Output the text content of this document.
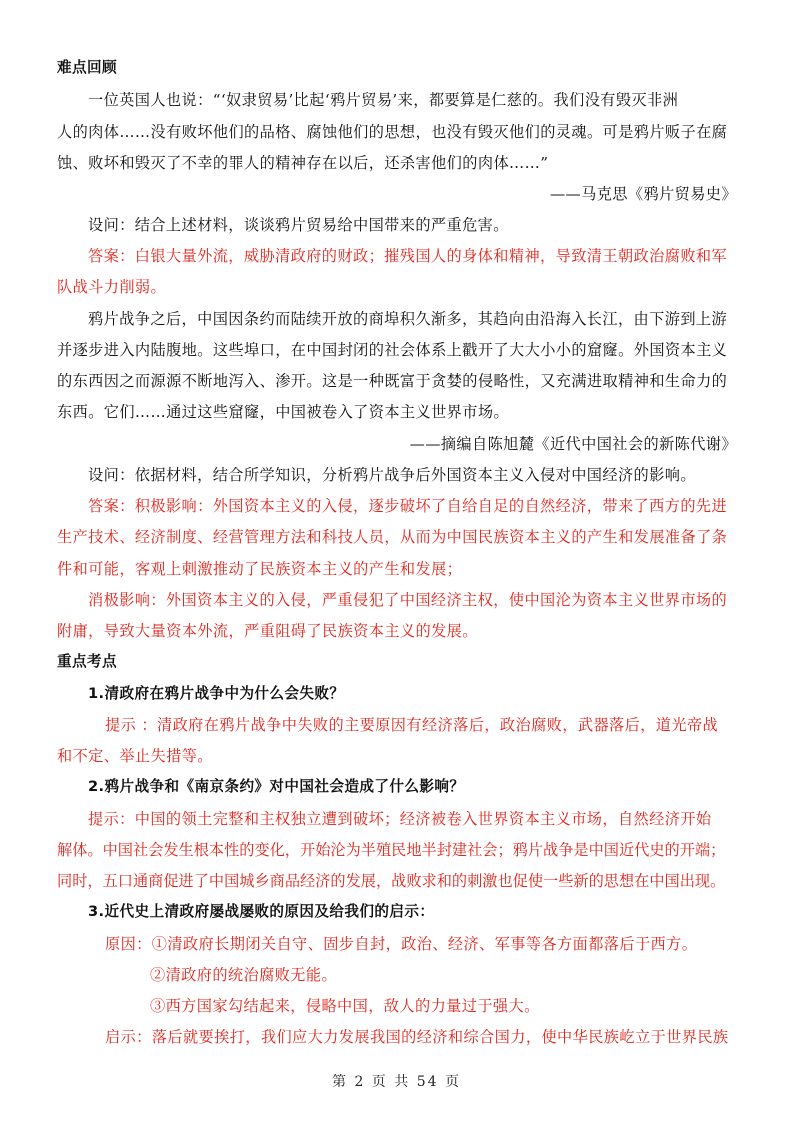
难点回顾
一位英国人也说：“‘奴隶贸易’比起‘鸦片贸易’来，都要算是仁慈的。我们没有毁灭非洲
人的肉体……没有败坏他们的品格、腐蚀他们的思想，也没有毁灭他们的灵魂。可是鸦片贩子在腐
蚀、败坏和毁灭了不幸的罪人的精神存在以后，还杀害他们的肉体……”
——马克思《鸦片贸易史》
设问：结合上述材料，谈谈鸦片贸易给中国带来的严重危害。
答案：白银大量外流，威胁清政府的财政；摧残国人的身体和精神，导致清王朝政治腐败和军
队战斗力削弱。
鸦片战争之后，中国因条约而陆续开放的商埠积久渐多，其趋向由沿海入长江，由下游到上游
并逐步进入内陆腹地。这些埠口，在中国封闭的社会体系上戳开了大大小小的窟窿。外国资本主义
的东西因之而源源不断地泻入、渗开。这是一种既富于贪婪的侵略性，又充满进取精神和生命力的
东西。它们……通过这些窟窿，中国被卷入了资本主义世界市场。
——摘编自陈旭麓《近代中国社会的新陈代谢》
设问：依据材料，结合所学知识，分析鸦片战争后外国资本主义入侵对中国经济的影响。
答案：积极影响：外国资本主义的入侵，逐步破坏了自给自足的自然经济，带来了西方的先进
生产技术、经济制度、经营管理方法和科技人员，从而为中国民族资本主义的产生和发展准备了条
件和可能，客观上刺激推动了民族资本主义的产生和发展；
消极影响：外国资本主义的入侵，严重侵犯了中国经济主权，使中国沦为资本主义世界市场的
附庸，导致大量资本外流，严重阻碍了民族资本主义的发展。
重点考点
1.清政府在鸦片战争中为什么会失败？
提示 ：清政府在鸦片战争中失败的主要原因有经济落后，政治腐败，武器落后，道光帝战
和不定、举止失措等。
2.鸦片战争和《南京条约》对中国社会造成了什么影响？
提示：中国的领土完整和主权独立遭到破坏；经济被卷入世界资本主义市场，自然经济开始
解体。中国社会发生根本性的变化，开始沦为半殖民地半封建社会；鸦片战争是中国近代史的开端；
同时，五口通商促进了中国城乡商品经济的发展，战败求和的刺激也促使一些新的思想在中国出现。
3.近代史上清政府屡战屡败的原因及给我们的启示：
原因：①清政府长期闭关自守、固步自封，政治、经济、军事等各方面都落后于西方。
②清政府的统治腐败无能。
③西方国家勾结起来，侵略中国，敌人的力量过于强大。
启示：落后就要挨打，我们应大力发展我国的经济和综合国力，使中华民族屹立于世界民族
第 2 页 共 54 页
